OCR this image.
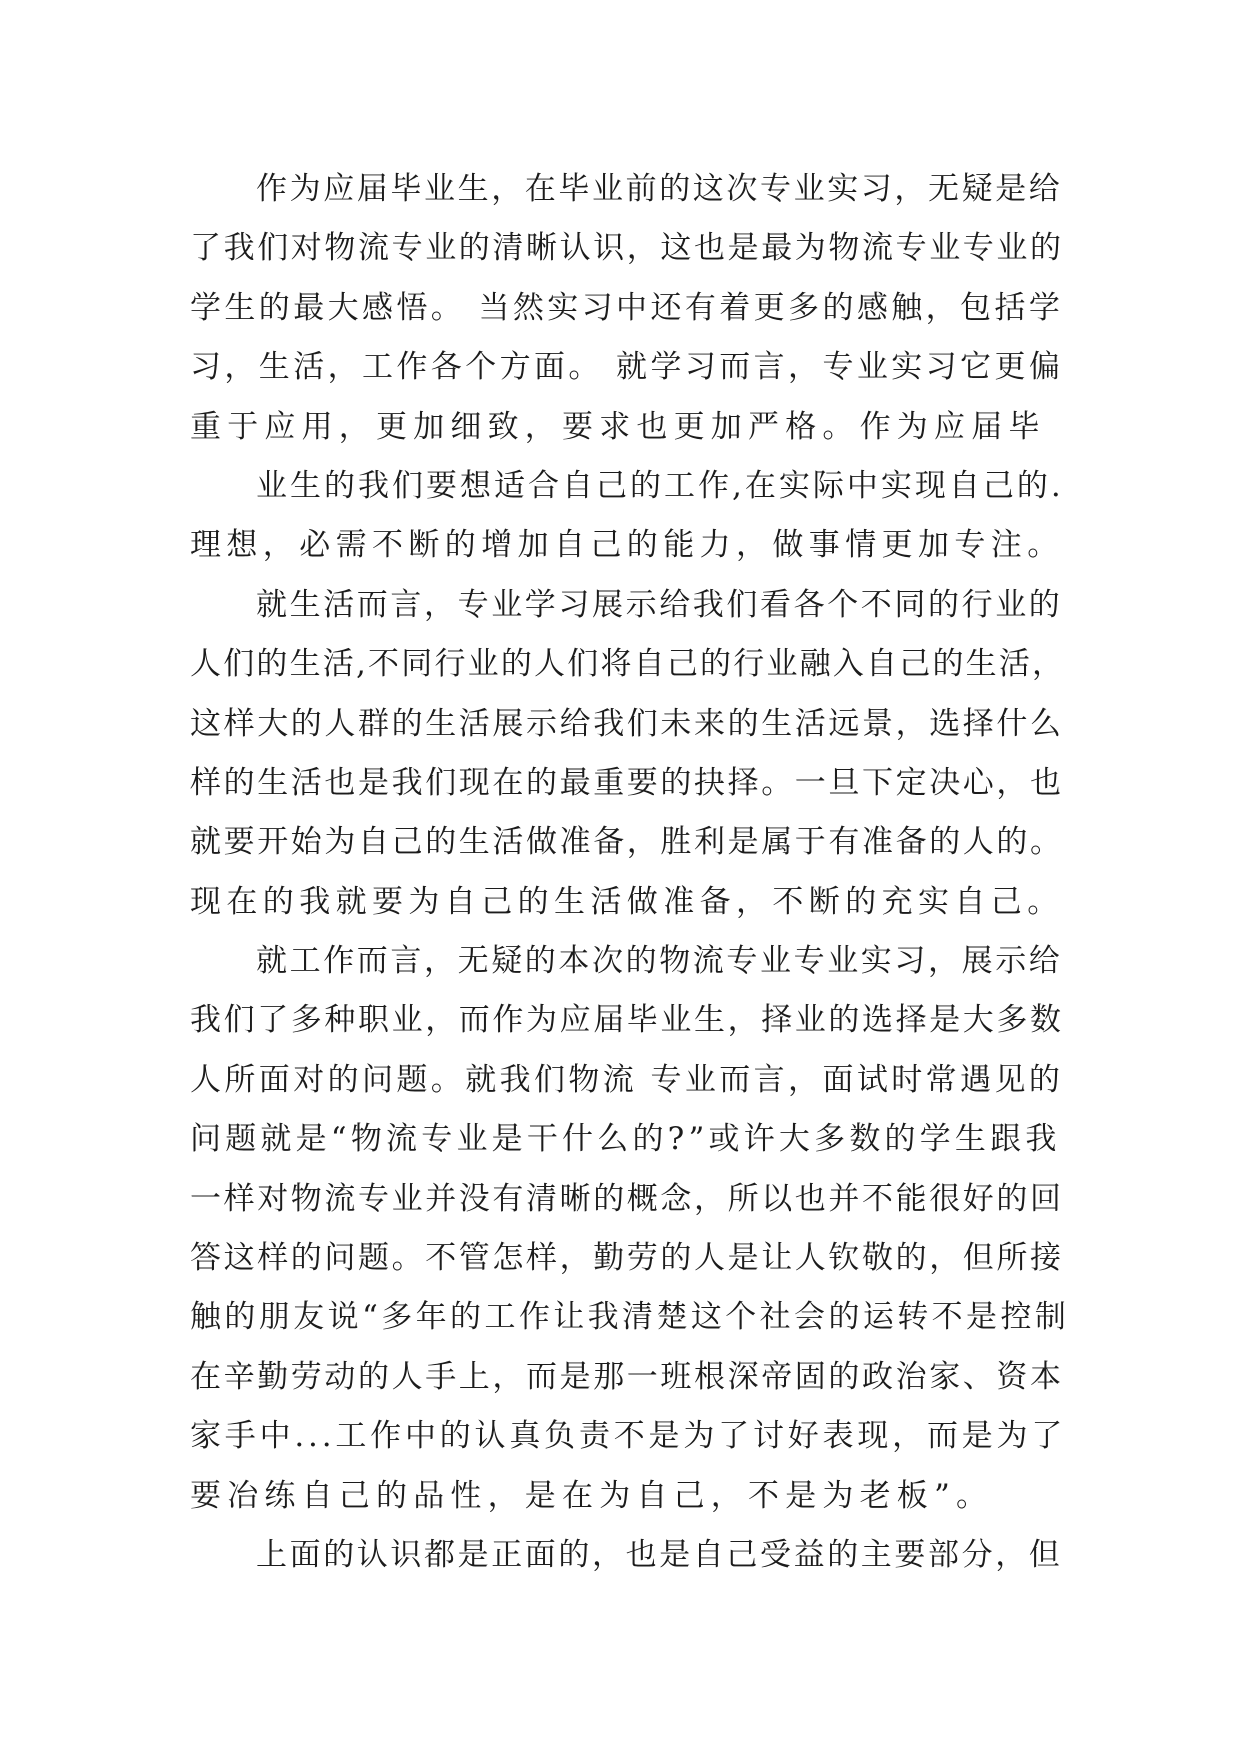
作为应届毕业生，在毕业前的这次专业实习，无疑是给
了我们对物流专业的清晰认识，这也是最为物流专业专业的
学生的最大感悟。 当然实习中还有着更多的感触，包括学
习，生活，工作各个方面。 就学习而言，专业实习它更偏
重于应用，更加细致，要求也更加严格。作为应届毕
业生的我们要想适合自己的工作,在实际中实现自己的.
理想，必需不断的增加自己的能力，做事情更加专注。
就生活而言，专业学习展示给我们看各个不同的行业的
人们的生活,不同行业的人们将自己的行业融入自己的生活，
这样大的人群的生活展示给我们未来的生活远景，选择什么
样的生活也是我们现在的最重要的抉择。一旦下定决心，也
就要开始为自己的生活做准备，胜利是属于有准备的人的。
现在的我就要为自己的生活做准备，不断的充实自己。
就工作而言，无疑的本次的物流专业专业实习，展示给
我们了多种职业，而作为应届毕业生，择业的选择是大多数
人所面对的问题。就我们物流 专业而言，面试时常遇见的
问题就是“物流专业是干什么的?”或许大多数的学生跟我
一样对物流专业并没有清晰的概念，所以也并不能很好的回
答这样的问题。不管怎样，勤劳的人是让人钦敬的，但所接
触的朋友说“多年的工作让我清楚这个社会的运转不是控制
在辛勤劳动的人手上，而是那一班根深帝固的政治家、资本
家手中...工作中的认真负责不是为了讨好表现，而是为了
要冶练自己的品性，是在为自己，不是为老板”。
上面的认识都是正面的，也是自己受益的主要部分，但
